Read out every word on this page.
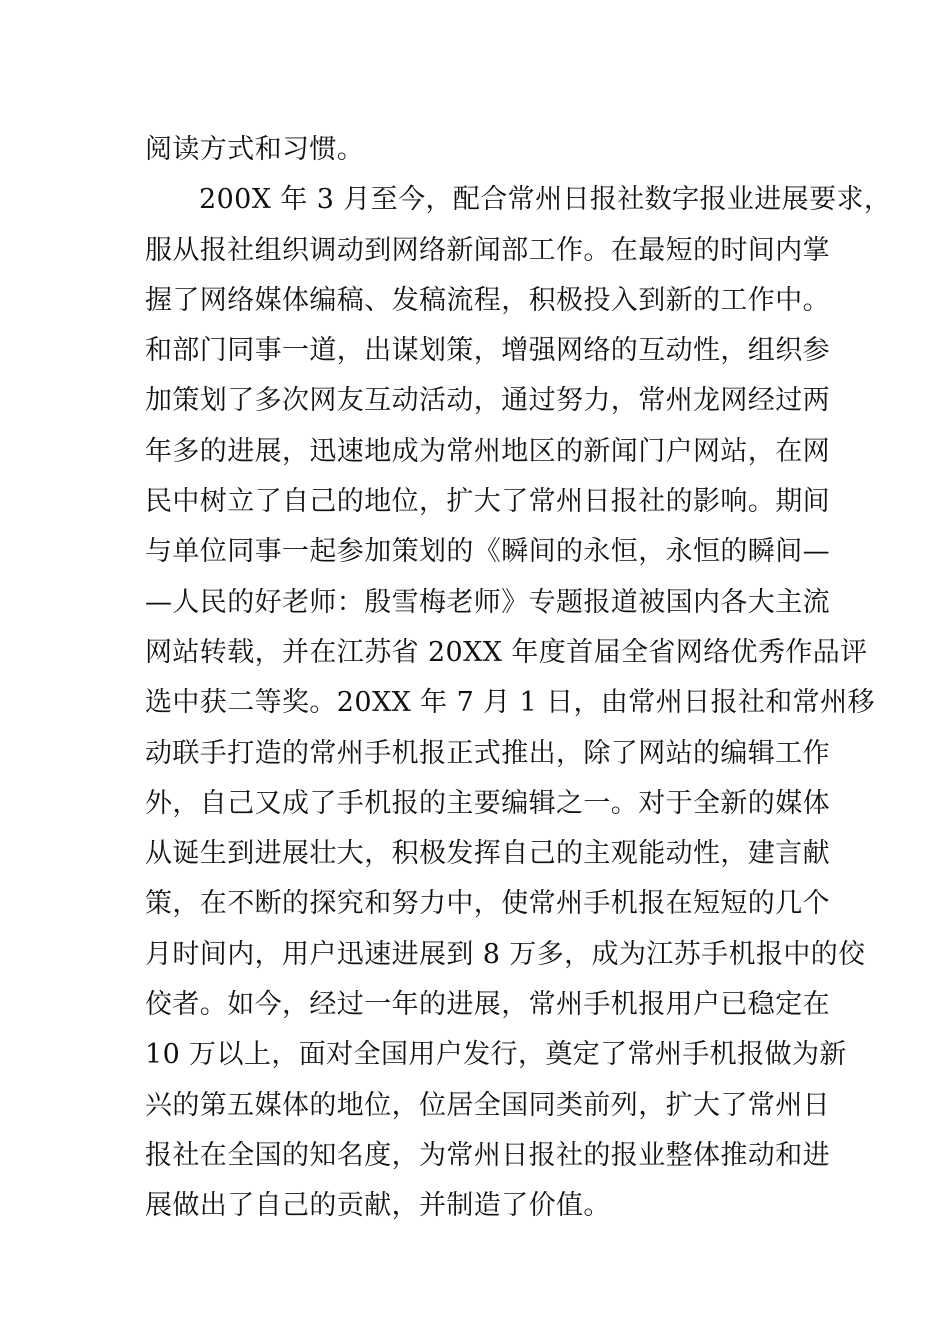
阅读方式和习惯。
200X 年 3 月至今，配合常州日报社数字报业进展要求，
服从报社组织调动到网络新闻部工作。在最短的时间内掌
握了网络媒体编稿、发稿流程，积极投入到新的工作中。
和部门同事一道，出谋划策，增强网络的互动性，组织参
加策划了多次网友互动活动，通过努力，常州龙网经过两
年多的进展，迅速地成为常州地区的新闻门户网站，在网
民中树立了自己的地位，扩大了常州日报社的影响。期间
与单位同事一起参加策划的《瞬间的永恒，永恒的瞬间—
—人民的好老师：殷雪梅老师》专题报道被国内各大主流
网站转载，并在江苏省 20XX 年度首届全省网络优秀作品评
选中获二等奖。20XX 年 7 月 1 日，由常州日报社和常州移
动联手打造的常州手机报正式推出，除了网站的编辑工作
外，自己又成了手机报的主要编辑之一。对于全新的媒体
从诞生到进展壮大，积极发挥自己的主观能动性，建言献
策，在不断的探究和努力中，使常州手机报在短短的几个
月时间内，用户迅速进展到 8 万多，成为江苏手机报中的佼
佼者。如今，经过一年的进展，常州手机报用户已稳定在
10 万以上，面对全国用户发行，奠定了常州手机报做为新
兴的第五媒体的地位，位居全国同类前列，扩大了常州日
报社在全国的知名度，为常州日报社的报业整体推动和进
展做出了自己的贡献，并制造了价值。
